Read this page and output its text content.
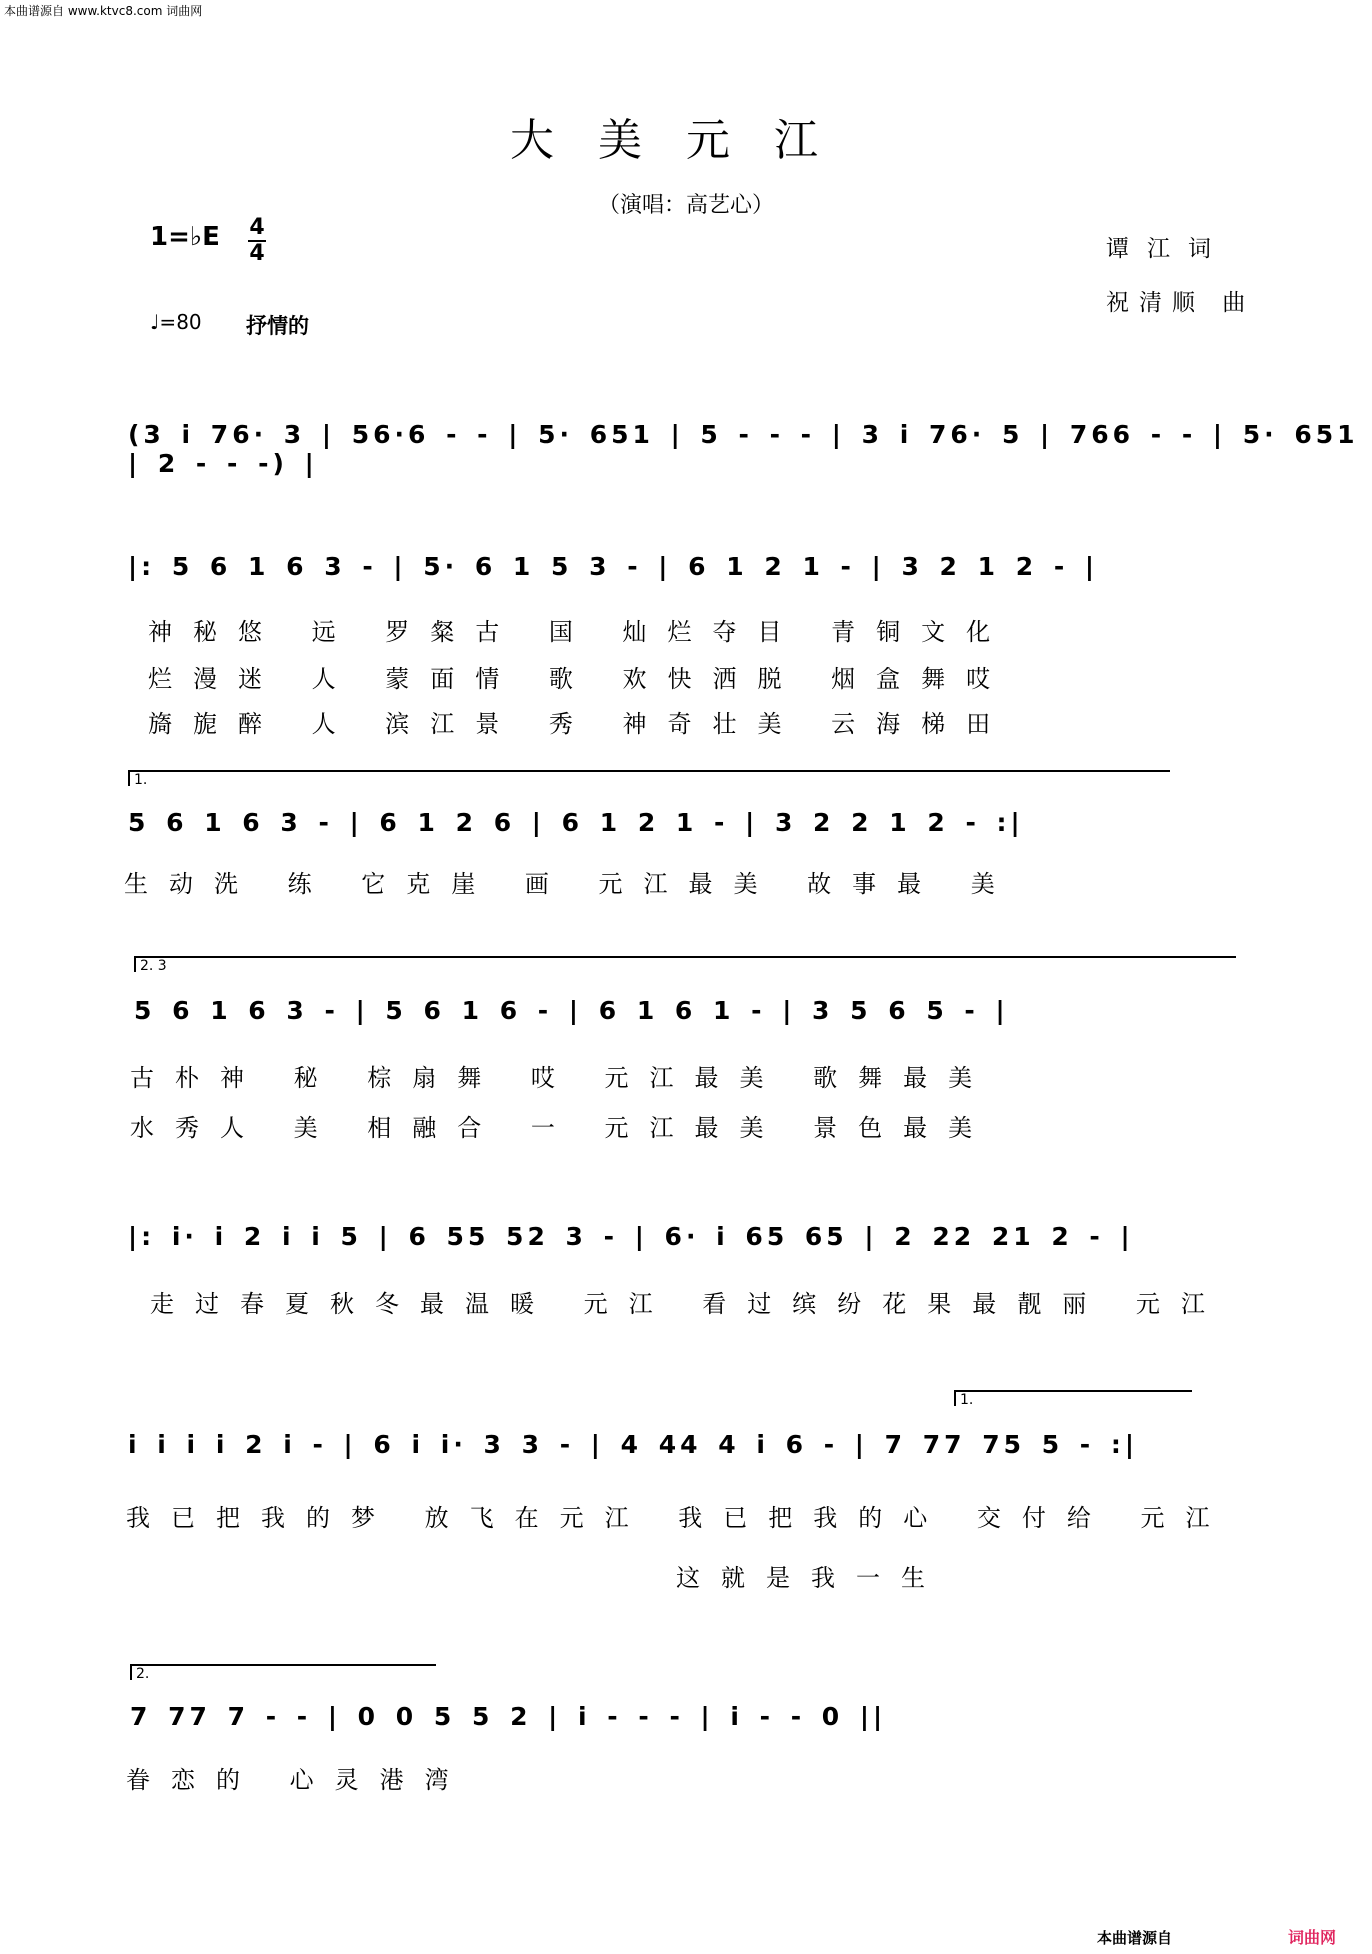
本曲谱源自 www.ktvc8.com 词曲网
大美元江
（演唱：高艺心）
1=♭E 4
4
♩=80 抒情的
谭江词
祝清顺 曲
(3 i 76· 3 | 56·6 - - | 5· 651 | 5 - - - | 3 i 76· 5 | 766 - - | 5· 651 | 2 - - -) |
|: 5 6 1 6 3 - | 5· 6 1 5 3 - | 6 1 2 1 - | 3 2 1 2 - |
神秘悠 远 罗粲古 国 灿烂夺目 青铜文化
烂漫迷 人 蒙面情 歌 欢快洒脱 烟盒舞哎
旖旎醉 人 滨江景 秀 神奇壮美 云海梯田
1.
5 6 1 6 3 - | 6 1 2 6 | 6 1 2 1 - | 3 2 2 1 2 - :|
生动洗 练 它克崖 画 元江最美 故事最 美
2. 3
5 6 1 6 3 - | 5 6 1 6 - | 6 1 6 1 - | 3 5 6 5 - |
古朴神 秘 棕扇舞 哎 元江最美 歌舞最美
水秀人 美 相融合 一 元江最美 景色最美
|: i· i 2 i i 5 | 6 55 52 3 - | 6· i 65 65 | 2 22 21 2 - |
走过春夏秋冬最温暖 元江 看过缤纷花果最靓丽 元江
1.
i i i i 2 i - | 6 i i· 3 3 - | 4 44 4 i 6 - | 7 77 75 5 - :|
我已把我的梦 放飞在元江 我已把我的心 交付给 元江
这就是我一生
2.
7 77 7 - - | 0 0 5 5 2 | i - - - | i - - 0 ||
眷恋的 心灵港湾
本曲谱源自	词曲网
